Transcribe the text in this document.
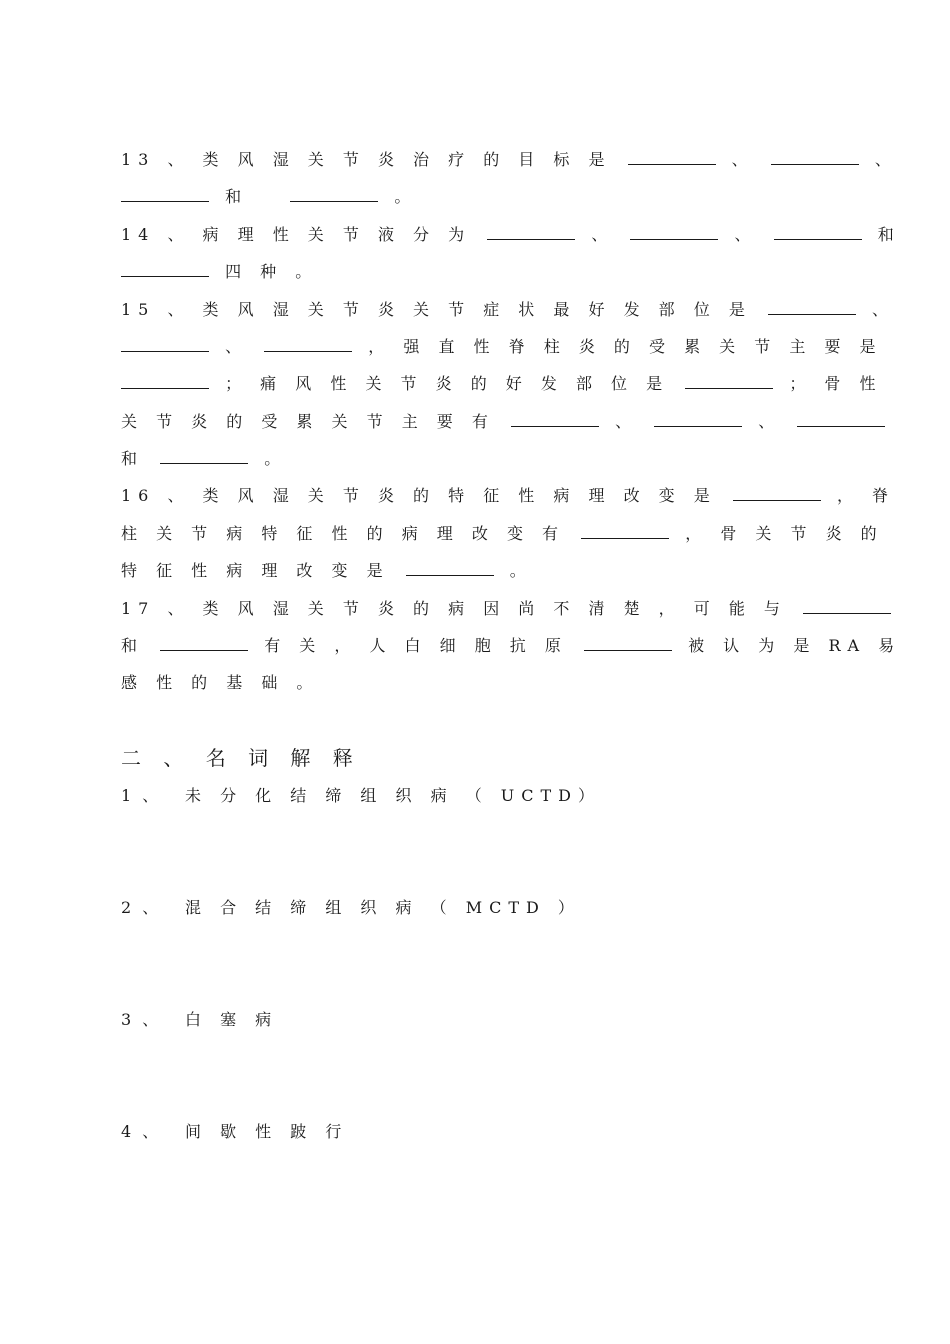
13 、 类 风 湿 关 节 炎 治 疗 的 目 标 是	、	、
和	。
14 、 病 理 性 关 节 液 分 为	、	、	和
四 种 。
15 、 类 风 湿 关 节 炎 关 节 症 状 最 好 发 部 位 是	、
、	， 强 直 性 脊 柱 炎 的 受 累 关 节 主 要 是
； 痛 风 性 关 节 炎 的 好 发 部 位 是	； 骨 性
关 节 炎 的 受 累 关 节 主 要 有	、	、
和	。
16 、 类 风 湿 关 节 炎 的 特 征 性 病 理 改 变 是	， 脊
柱 关 节 病 特 征 性 的 病 理 改 变 有	， 骨 关 节 炎 的
特 征 性 病 理 改 变 是	。
17 、 类 风 湿 关 节 炎 的 病 因 尚 不 清 楚 ， 可 能 与
和	有 关 ， 人 白 细 胞 抗 原	被 认 为 是 RA 易
感 性 的 基 础 。
二 、 名 词 解 释
1 、 未 分 化 结 缔 组 织 病 （ UCTD）
2 、 混 合 结 缔 组 织 病 （ MCTD ）
3 、 白 塞 病
4 、 间 歇 性 跛 行
